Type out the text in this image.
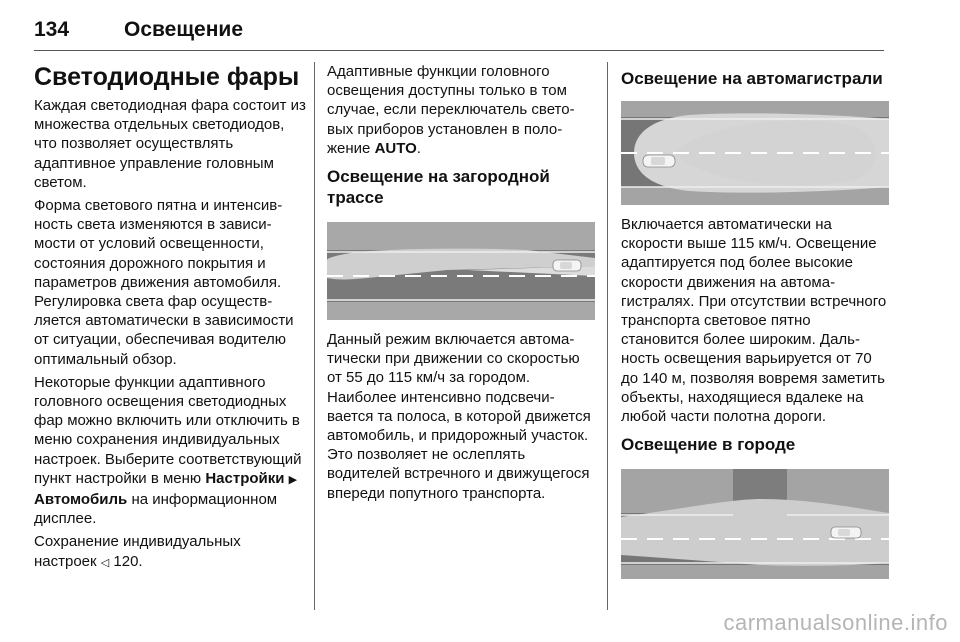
134	Освещение
Светодиодные фары

Каждая светодиодная фара состоит из множества отдельных светодиодов, что позволяет осуществлять адаптивное управление головным светом.

Форма светового пятна и интенсивность света изменяются в зависимости от условий освещенности, состояния дорожного покрытия и параметров движения автомобиля. Регулировка света фар осуществляется автоматически в зависимости от ситуации, обеспечивая водителю оптимальный обзор.

Некоторые функции адаптивного головного освещения светодиодных фар можно включить или отключить в меню сохранения индивидуальных настроек. Выберите соответствующий пункт настройки в меню Настройки ▶
Автомобиль на информационном дисплее.

Сохранение индивидуальных настроек ◁ 120.

Адаптивные функции головного освещения доступны только в том случае, если переключатель световых приборов установлен в положение AUTO.

Освещение на загородной трассе

Данный режим включается автоматически при движении со скоростью от 55 до 115 км/ч за городом. Наиболее интенсивно подсвечивается та полоса, в которой движется автомобиль, и придорожный участок. Это позволяет не ослеплять водителей встречного и движущегося впереди попутного транспорта.

Освещение на автомагистрали

Включается автоматически на скорости выше 115 км/ч. Освещение адаптируется под более высокие скорости движения на автомагистралях. При отсутствии встречного транспорта световое пятно становится более широким. Дальность освещения варьируется от 70 до 140 м, позволяя вовремя заметить объекты, находящиеся вдалеке на любой части полотна дороги.

Освещение в городе
carmanualsonline.info
